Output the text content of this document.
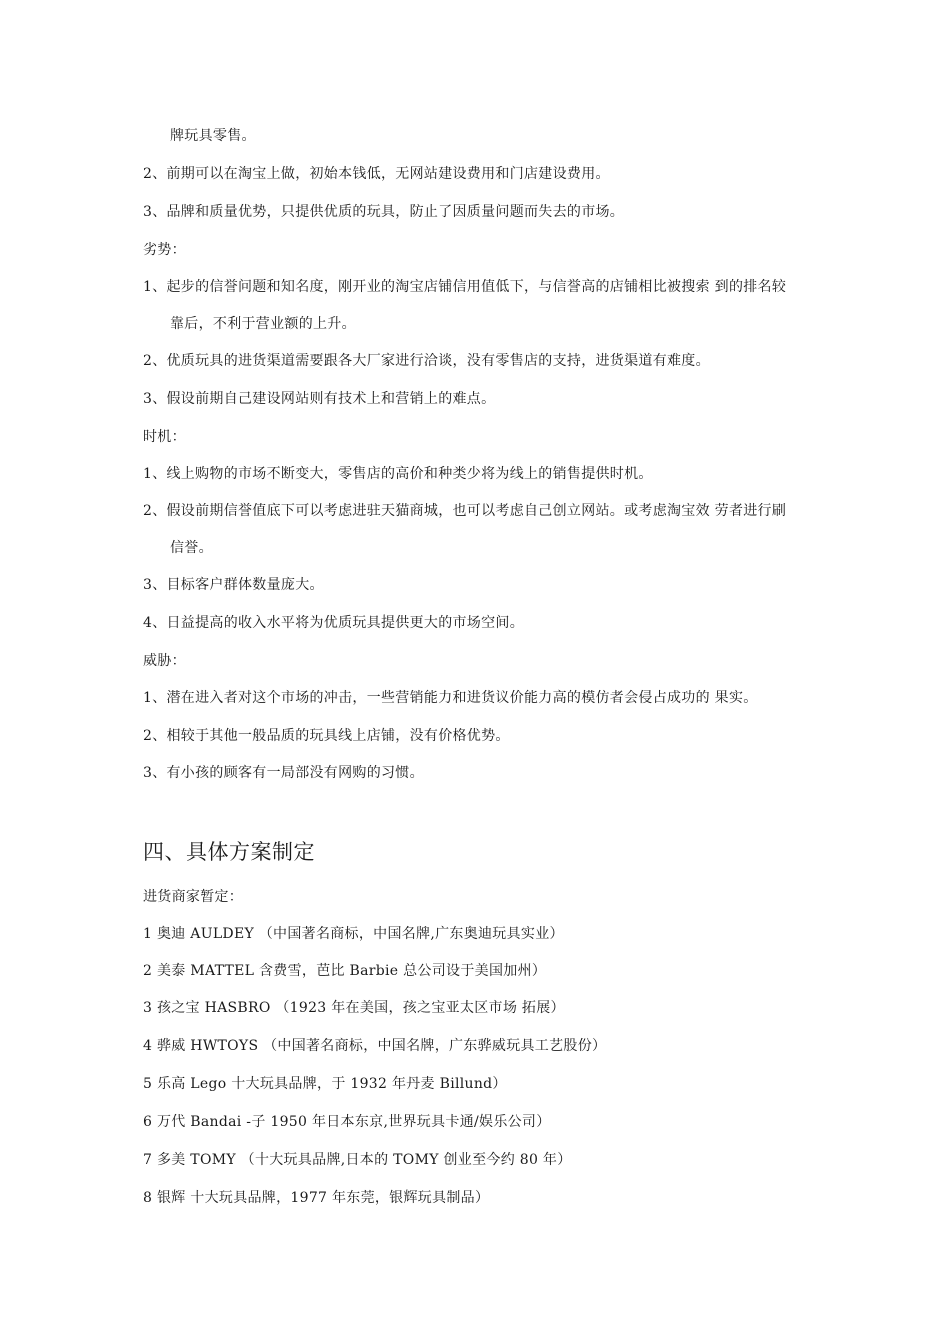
牌玩具零售。
2、前期可以在淘宝上做，初始本钱低，无网站建设费用和门店建设费用。
3、品牌和质量优势，只提供优质的玩具，防止了因质量问题而失去的市场。
劣势：
1、起步的信誉问题和知名度，刚开业的淘宝店铺信用值低下，与信誉高的店铺相比被搜索 到的排名较
靠后，不利于营业额的上升。
2、优质玩具的进货渠道需要跟各大厂家进行洽谈，没有零售店的支持，进货渠道有难度。
3、假设前期自己建设网站则有技术上和营销上的难点。
时机：
1、线上购物的市场不断变大，零售店的高价和种类少将为线上的销售提供时机。
2、假设前期信誉值底下可以考虑进驻天猫商城，也可以考虑自己创立网站。或考虑淘宝效 劳者进行刷
信誉。
3、目标客户群体数量庞大。
4、日益提高的收入水平将为优质玩具提供更大的市场空间。
威胁：
1、潜在进入者对这个市场的冲击，一些营销能力和进货议价能力高的模仿者会侵占成功的 果实。
2、相较于其他一般品质的玩具线上店铺，没有价格优势。
3、有小孩的顾客有一局部没有网购的习惯。
四、具体方案制定
进货商家暂定：
1 奥迪 AULDEY （中国著名商标，中国名牌,广东奥迪玩具实业）
2 美泰 MATTEL 含费雪，芭比 Barbie 总公司设于美国加州）
3 孩之宝 HASBRO （1923 年在美国，孩之宝亚太区市场 拓展）
4 骅威 HWTOYS （中国著名商标，中国名牌，广东骅威玩具工艺股份）
5 乐高 Lego 十大玩具品牌，于 1932 年丹麦 Billund）
6 万代 Bandai -子 1950 年日本东京,世界玩具卡通/娱乐公司）
7 多美 TOMY （十大玩具品牌,日本的 TOMY 创业至今约 80 年）
8 银辉 十大玩具品牌，1977 年东莞，银辉玩具制品）
